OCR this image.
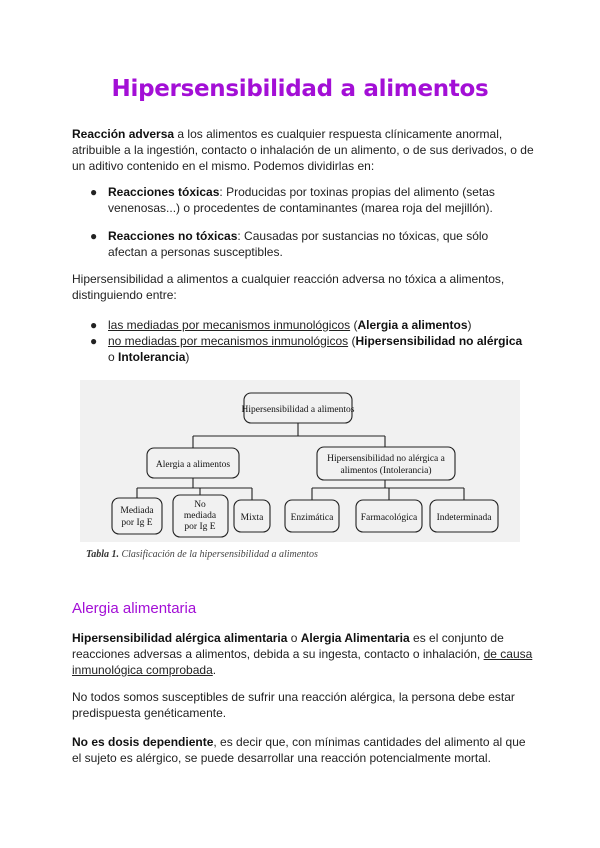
Hipersensibilidad a alimentos
Reacción adversa a los alimentos es cualquier respuesta clínicamente anormal, atribuible a la ingestión, contacto o inhalación de un alimento, o de sus derivados, o de un aditivo contenido en el mismo. Podemos dividirlas en:
● Reacciones tóxicas: Producidas por toxinas propias del alimento (setas venenosas...) o procedentes de contaminantes (marea roja del mejillón).
● Reacciones no tóxicas: Causadas por sustancias no tóxicas, que sólo afectan a personas susceptibles.
Hipersensibilidad a alimentos a cualquier reacción adversa no tóxica a alimentos, distinguiendo entre:
● las mediadas por mecanismos inmunológicos (Alergia a alimentos)
● no mediadas por mecanismos inmunológicos (Hipersensibilidad no alérgica o Intolerancia)
Hipersensibilidad a alimentos
Alergia a alimentos
Hipersensibilidad no alérgica a
alimentos (Intolerancia)
Mediada
por Ig E
No
mediada
por Ig E
Mixta	Enzimática	Farmacológica Indeterminada
Tabla 1. Clasificación de la hipersensibilidad a alimentos
Alergia alimentaria
Hipersensibilidad alérgica alimentaria o Alergia Alimentaria es el conjunto de reacciones adversas a alimentos, debida a su ingesta, contacto o inhalación, de causa inmunológica comprobada.
No todos somos susceptibles de sufrir una reacción alérgica, la persona debe estar predispuesta genéticamente.
No es dosis dependiente, es decir que, con mínimas cantidades del alimento al que el sujeto es alérgico, se puede desarrollar una reacción potencialmente mortal.
